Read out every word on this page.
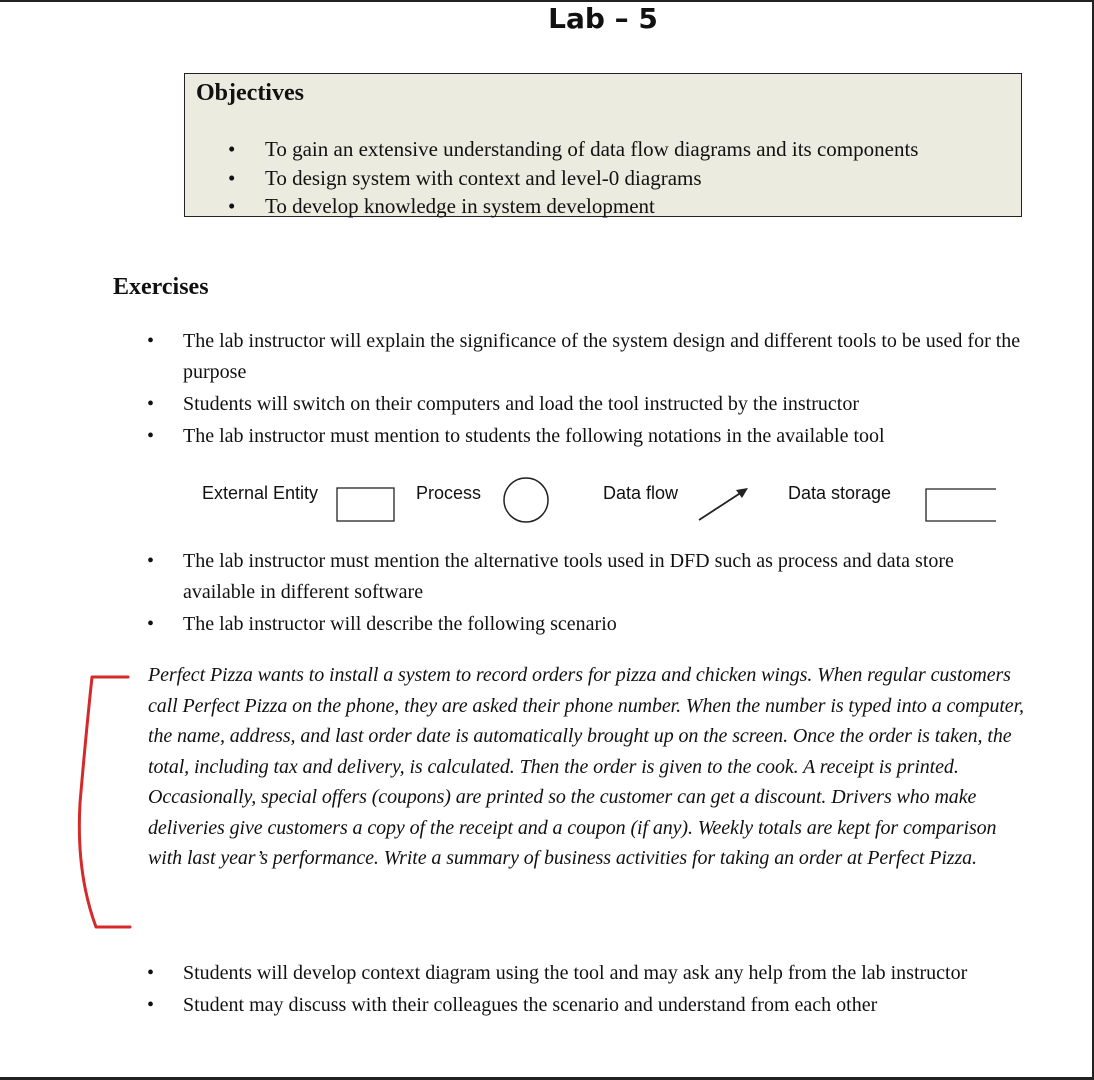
Lab – 5
Objectives
• To gain an extensive understanding of data flow diagrams and its components
• To design system with context and level-0 diagrams
• To develop knowledge in system development
Exercises
• The lab instructor will explain the significance of the system design and different tools to be used for the purpose
• Students will switch on their computers and load the tool instructed by the instructor
• The lab instructor must mention to students the following notations in the available tool
External Entity	Process	Data flow	Data storage
• The lab instructor must mention the alternative tools used in DFD such as process and data store available in different software
• The lab instructor will describe the following scenario

Perfect Pizza wants to install a system to record orders for pizza and chicken wings. When regular customers call Perfect Pizza on the phone, they are asked their phone number. When the number is typed into a computer, the name, address, and last order date is automatically brought up on the screen. Once the order is taken, the total, including tax and delivery, is calculated. Then the order is given to the cook. A receipt is printed. Occasionally, special offers (coupons) are printed so the customer can get a discount. Drivers who make deliveries give customers a copy of the receipt and a coupon (if any). Weekly totals are kept for comparison with last year’s performance. Write a summary of business activities for taking an order at Perfect Pizza.

• Students will develop context diagram using the tool and may ask any help from the lab instructor
• Student may discuss with their colleagues the scenario and understand from each other
